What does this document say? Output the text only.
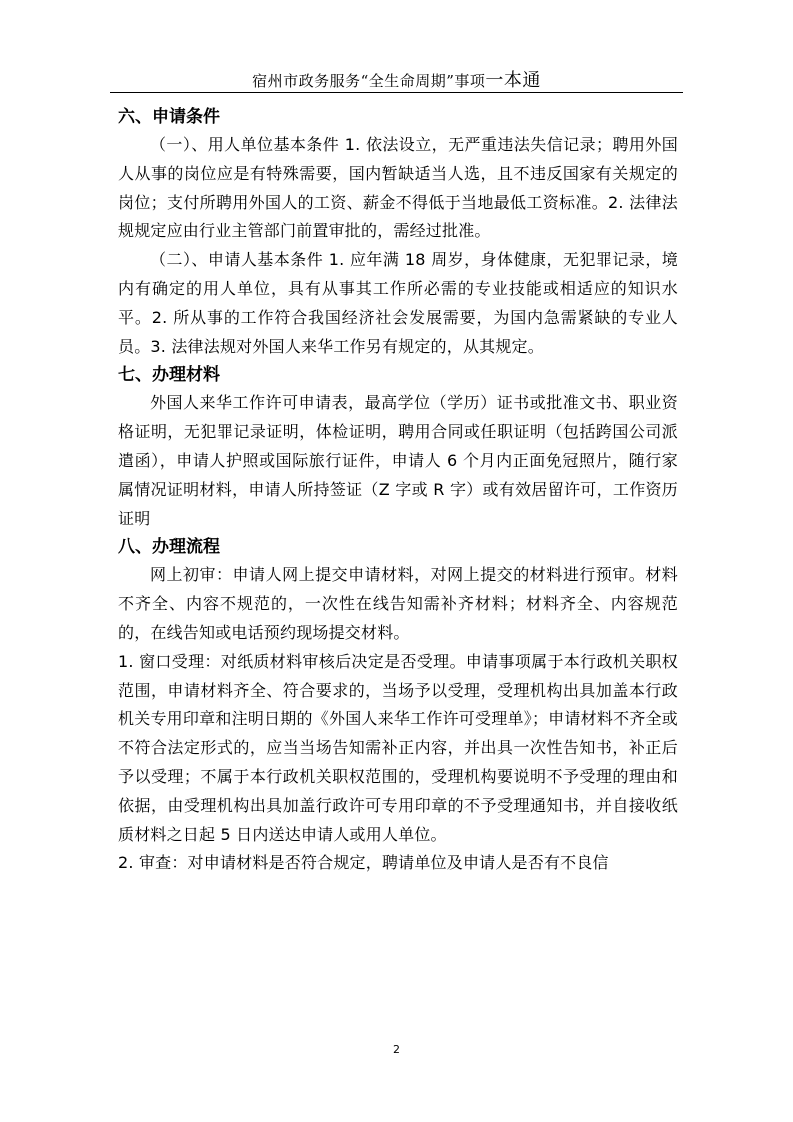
宿州市政务服务“全生命周期”事项一本通
六、申请条件

（一）、用人单位基本条件 1. 依法设立，无严重违法失信记录；聘用外国人从事的岗位应是有特殊需要，国内暂缺适当人选，且不违反国家有关规定的岗位；支付所聘用外国人的工资、薪金不得低于当地最低工资标准。2. 法律法规规定应由行业主管部门前置审批的，需经过批准。

（二）、申请人基本条件 1. 应年满 18 周岁，身体健康，无犯罪记录，境内有确定的用人单位，具有从事其工作所必需的专业技能或相适应的知识水平。2. 所从事的工作符合我国经济社会发展需要，为国内急需紧缺的专业人员。3. 法律法规对外国人来华工作另有规定的，从其规定。

七、办理材料

外国人来华工作许可申请表，最高学位（学历）证书或批准文书、职业资格证明，无犯罪记录证明，体检证明，聘用合同或任职证明（包括跨国公司派遣函），申请人护照或国际旅行证件，申请人 6 个月内正面免冠照片，随行家属情况证明材料，申请人所持签证（Z 字或 R 字）或有效居留许可，工作资历证明

八、办理流程

网上初审：申请人网上提交申请材料，对网上提交的材料进行预审。材料不齐全、内容不规范的，一次性在线告知需补齐材料；材料齐全、内容规范的，在线告知或电话预约现场提交材料。

1. 窗口受理：对纸质材料审核后决定是否受理。申请事项属于本行政机关职权范围，申请材料齐全、符合要求的，当场予以受理，受理机构出具加盖本行政机关专用印章和注明日期的《外国人来华工作许可受理单》；申请材料不齐全或不符合法定形式的，应当当场告知需补正内容，并出具一次性告知书，补正后予以受理；不属于本行政机关职权范围的，受理机构要说明不予受理的理由和依据，由受理机构出具加盖行政许可专用印章的不予受理通知书，并自接收纸质材料之日起 5 日内送达申请人或用人单位。

2. 审查：对申请材料是否符合规定，聘请单位及申请人是否有不良信

2
